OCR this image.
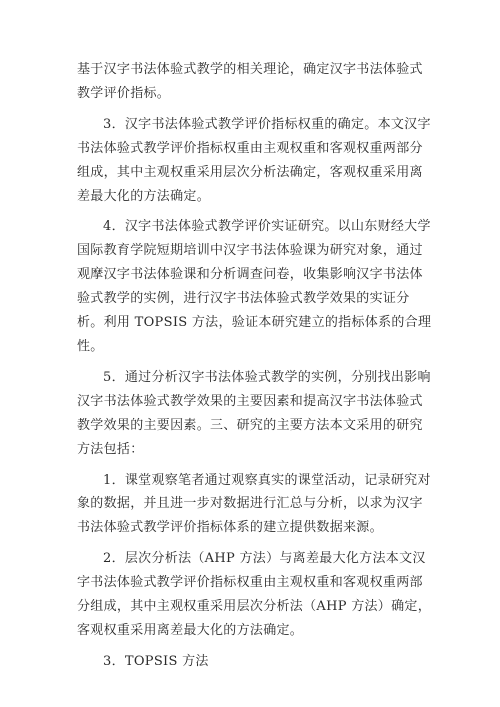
基于汉字书法体验式教学的相关理论，确定汉字书法体验式教学评价指标。

3．汉字书法体验式教学评价指标权重的确定。本文汉字书法体验式教学评价指标权重由主观权重和客观权重两部分组成，其中主观权重采用层次分析法确定，客观权重采用离差最大化的方法确定。

4．汉字书法体验式教学评价实证研究。以山东财经大学国际教育学院短期培训中汉字书法体验课为研究对象，通过观摩汉字书法体验课和分析调查问卷，收集影响汉字书法体验式教学的实例，进行汉字书法体验式教学效果的实证分析。利用 TOPSIS 方法，验证本研究建立的指标体系的合理性。

5．通过分析汉字书法体验式教学的实例，分别找出影响汉字书法体验式教学效果的主要因素和提高汉字书法体验式教学效果的主要因素。三、研究的主要方法本文采用的研究方法包括：

1．课堂观察笔者通过观察真实的课堂活动，记录研究对象的数据，并且进一步对数据进行汇总与分析，以求为汉字书法体验式教学评价指标体系的建立提供数据来源。

2．层次分析法（AHP 方法）与离差最大化方法本文汉字书法体验式教学评价指标权重由主观权重和客观权重两部分组成，其中主观权重采用层次分析法（AHP 方法）确定，客观权重采用离差最大化的方法确定。

3．TOPSIS 方法
